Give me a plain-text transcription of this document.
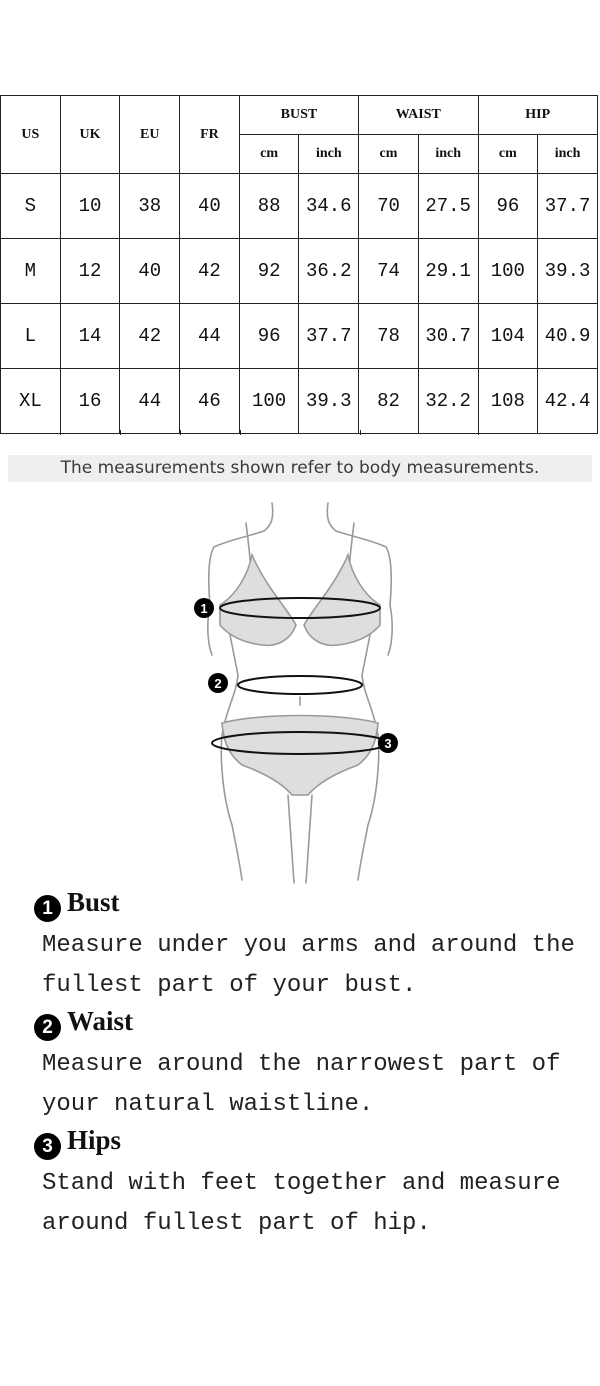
US	UK	EU	FR	BUST		WAIST		HIP	
				cm	inch	cm	inch	cm	inch
S	10	38	40	88	34.6	70	27.5	96	37.7
M	12	40	42	92	36.2	74	29.1	100	39.3
L	14	42	44	96	37.7	78	30.7	104	40.9
XL	16	44	46	100	39.3	82	32.2	108	42.4
The measurements shown refer to body measurements.
1
2
3
1 Bust
Measure under you arms and around the fullest part of your bust.
2 Waist
Measure around the narrowest part of your natural waistline.
3 Hips
Stand with feet together and measure around fullest part of hip.
